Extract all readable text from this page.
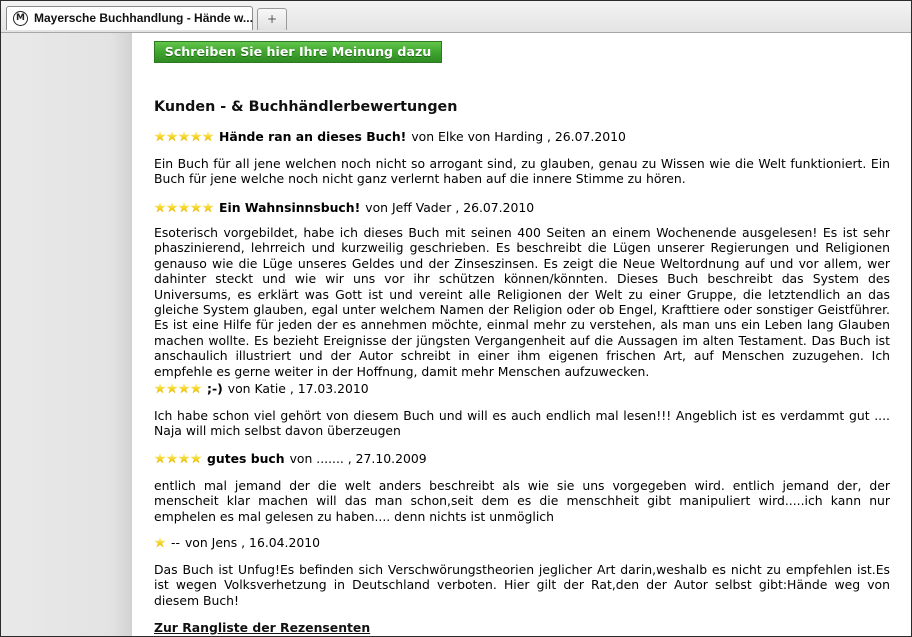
M Mayersche Buchhandlung - Hände w...	+
Schreiben Sie hier Ihre Meinung dazu
Kunden - & Buchhändlerbewertungen
Hände ran an dieses Buch! von Elke von Harding , 26.07.2010
Ein Buch für all jene welchen noch nicht so arrogant sind, zu glauben, genau zu Wissen wie die Welt funktioniert. Ein Buch für jene welche noch nicht ganz verlernt haben auf die innere Stimme zu hören.
Ein Wahnsinnsbuch! von Jeff Vader , 26.07.2010
Esoterisch vorgebildet, habe ich dieses Buch mit seinen 400 Seiten an einem Wochenende ausgelesen! Es ist sehr phaszinierend, lehrreich und kurzweilig geschrieben. Es beschreibt die Lügen unserer Regierungen und Religionen genauso wie die Lüge unseres Geldes und der Zinseszinsen. Es zeigt die Neue Weltordnung auf und vor allem, wer dahinter steckt und wie wir uns vor ihr schützen können/könnten. Dieses Buch beschreibt das System des Universums, es erklärt was Gott ist und vereint alle Religionen der Welt zu einer Gruppe, die letztendlich an das gleiche System glauben, egal unter welchem Namen der Religion oder ob Engel, Krafttiere oder sonstiger Geistführer. Es ist eine Hilfe für jeden der es annehmen möchte, einmal mehr zu verstehen, als man uns ein Leben lang Glauben machen wollte. Es bezieht Ereignisse der jüngsten Vergangenheit auf die Aussagen im alten Testament. Das Buch ist anschaulich illustriert und der Autor schreibt in einer ihm eigenen frischen Art, auf Menschen zuzugehen. Ich empfehle es gerne weiter in der Hoffnung, damit mehr Menschen aufzuwecken.
;-) von Katie , 17.03.2010
Ich habe schon viel gehört von diesem Buch und will es auch endlich mal lesen!!! Angeblich ist es verdammt gut .... Naja will mich selbst davon überzeugen
gutes buch von ....... , 27.10.2009
entlich mal jemand der die welt anders beschreibt als wie sie uns vorgegeben wird. entlich jemand der, der menscheit klar machen will das man schon,seit dem es die menschheit gibt manipuliert wird.....ich kann nur emphelen es mal gelesen zu haben.... denn nichts ist unmöglich
-- von Jens , 16.04.2010
Das Buch ist Unfug!Es befinden sich Verschwörungstheorien jeglicher Art darin,weshalb es nicht zu empfehlen ist.Es ist wegen Volksverhetzung in Deutschland verboten. Hier gilt der Rat,den der Autor selbst gibt:Hände weg von diesem Buch!
Zur Rangliste der Rezensenten
